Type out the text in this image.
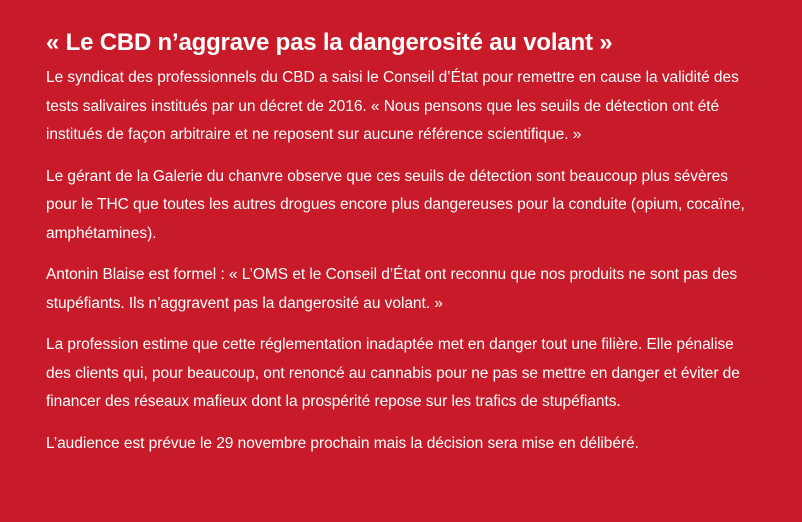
« Le CBD n’aggrave pas la dangerosité au volant »

Le syndicat des professionnels du CBD a saisi le Conseil d’État pour remettre en cause la validité des tests salivaires institués par un décret de 2016. « Nous pensons que les seuils de détection ont été institués de façon arbitraire et ne reposent sur aucune référence scientifique. »

Le gérant de la Galerie du chanvre observe que ces seuils de détection sont beaucoup plus sévères pour le THC que toutes les autres drogues encore plus dangereuses pour la conduite (opium, cocaïne, amphétamines).

Antonin Blaise est formel : « L’OMS et le Conseil d’État ont reconnu que nos produits ne sont pas des stupéfiants. Ils n’aggravent pas la dangerosité au volant. »

La profession estime que cette réglementation inadaptée met en danger tout une filière. Elle pénalise des clients qui, pour beaucoup, ont renoncé au cannabis pour ne pas se mettre en danger et éviter de financer des réseaux mafieux dont la prospérité repose sur les trafics de stupéfiants.

L’audience est prévue le 29 novembre prochain mais la décision sera mise en délibéré.
